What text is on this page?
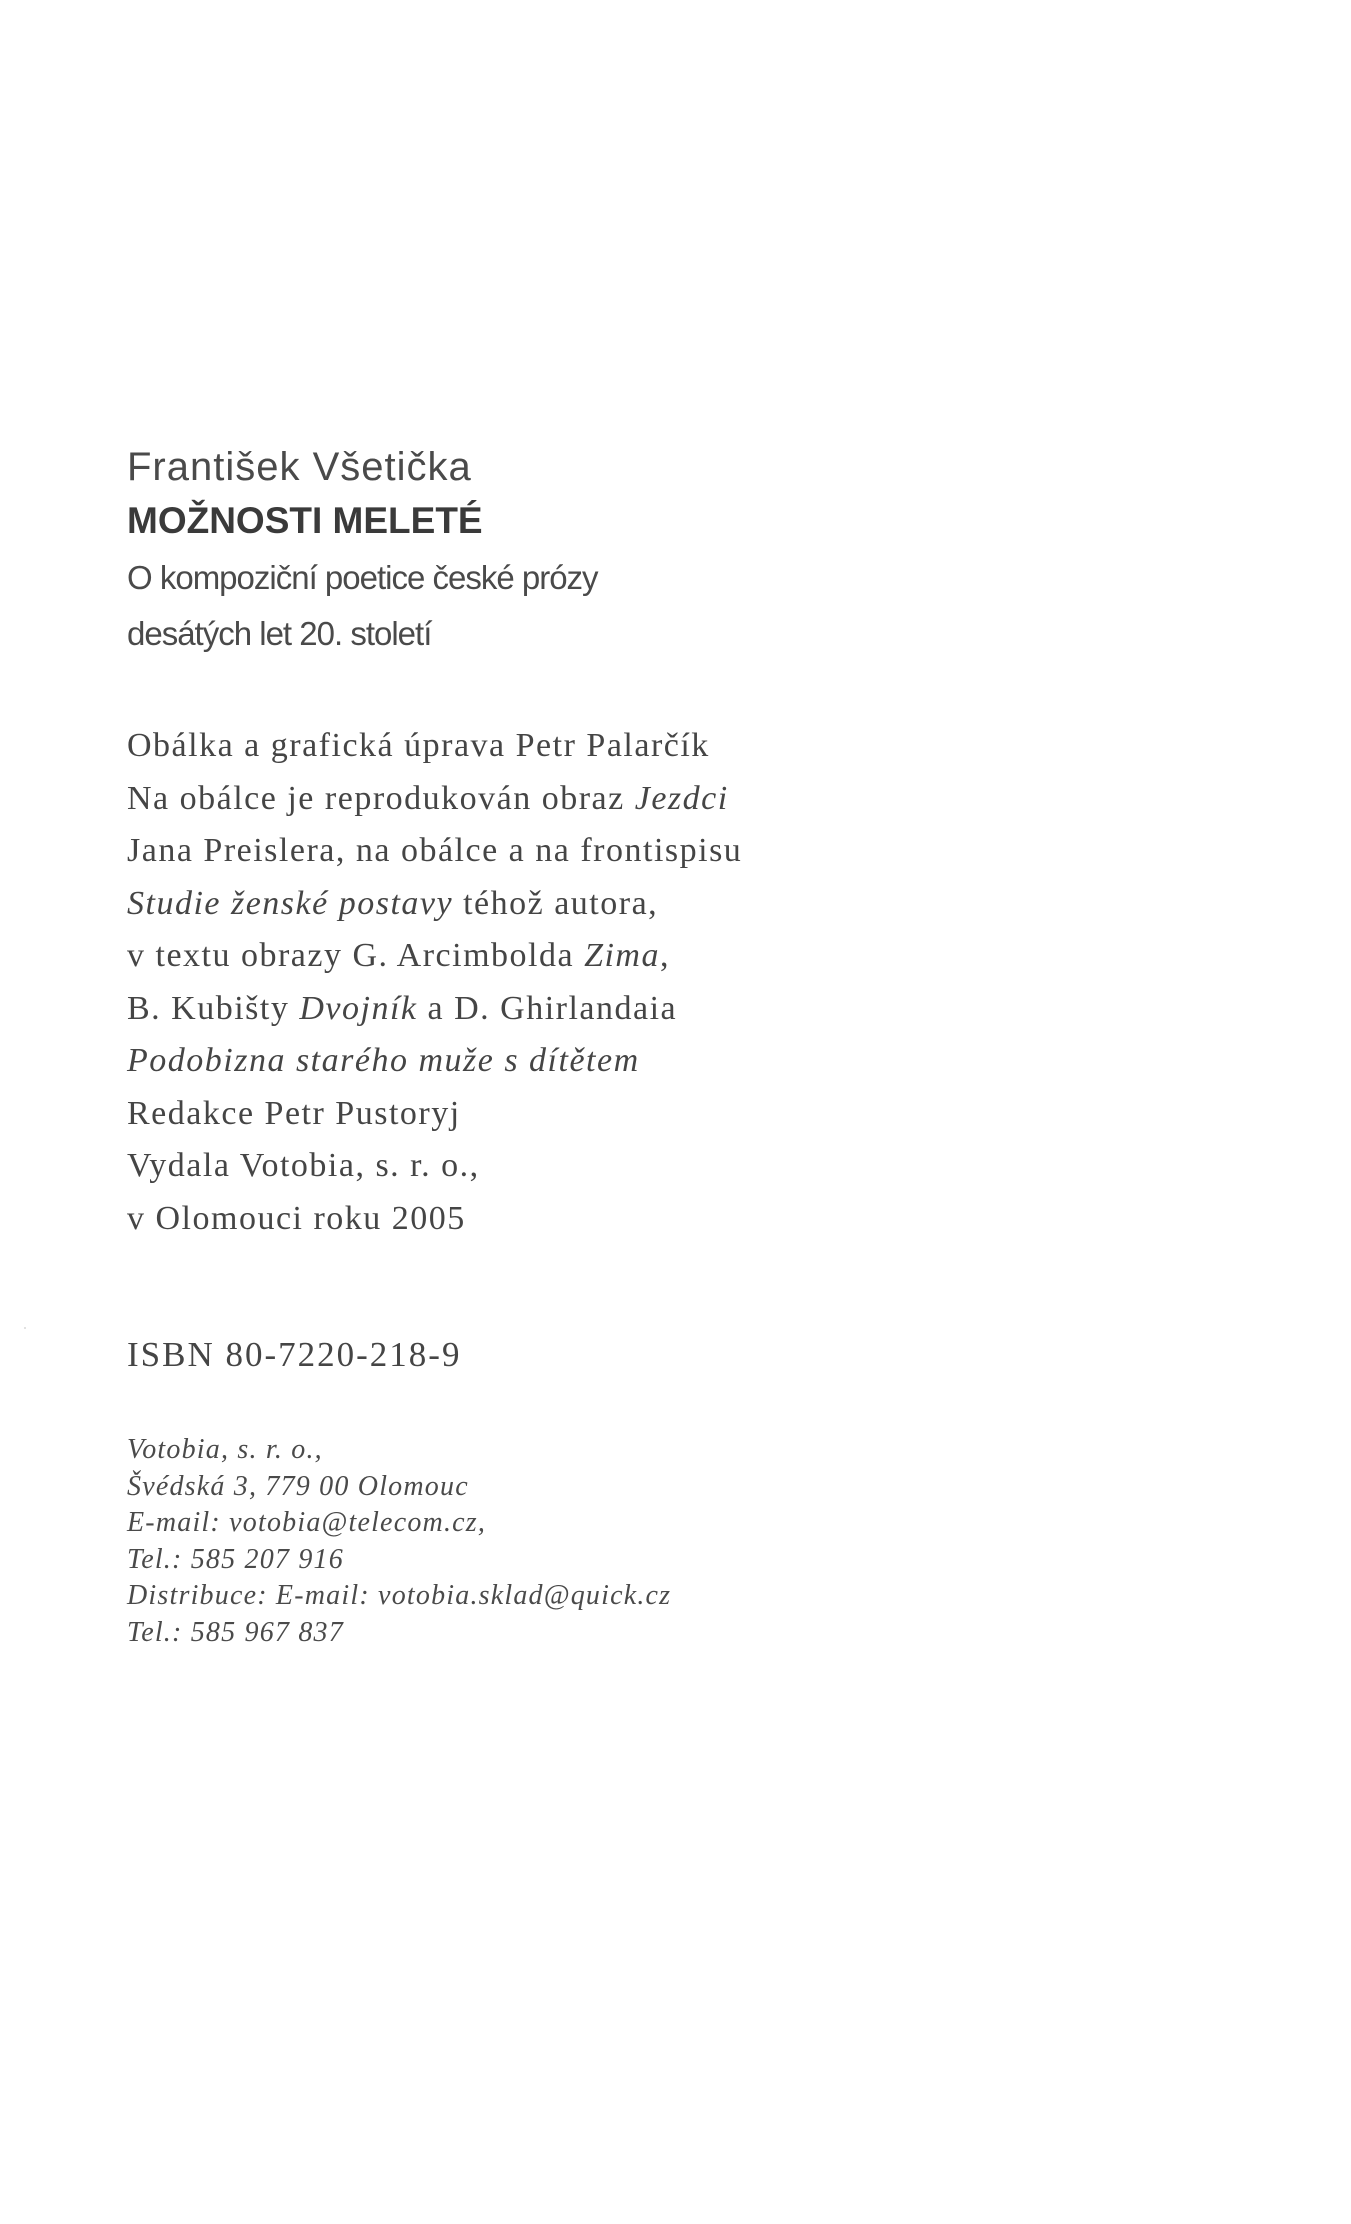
František Všetička
MOŽNOSTI MELETÉ
O kompoziční poetice české prózy
desátých let 20. století
Obálka a grafická úprava Petr Palarčík
Na obálce je reprodukován obraz Jezdci
Jana Preislera, na obálce a na frontispisu
Studie ženské postavy téhož autora,
v textu obrazy G. Arcimbolda Zima,
B. Kubišty Dvojník a D. Ghirlandaia
Podobizna starého muže s dítětem
Redakce Petr Pustoryj
Vydala Votobia, s. r. o.,
v Olomouci roku 2005
ISBN 80-7220-218-9
Votobia, s. r. o.,
Švédská 3, 779 00 Olomouc
E-mail: votobia@telecom.cz,
Tel.: 585 207 916
Distribuce: E-mail: votobia.sklad@quick.cz
Tel.: 585 967 837
